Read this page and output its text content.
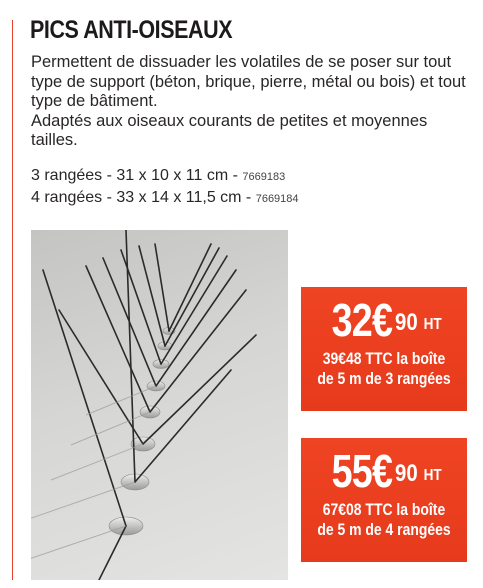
PICS ANTI-OISEAUX

Permettent de dissuader les volatiles de se poser sur tout type de support (béton, brique, pierre, métal ou bois) et tout type de bâtiment.

Adaptés aux oiseaux courants de petites et moyennes tailles.

3 rangées - 31 x 10 x 11 cm - 7669183
4 rangées - 33 x 14 x 11,5 cm - 7669184
32€ 90 HT
39€48 TTC la boîte
de 5 m de 3 rangées
55€ 90 HT
67€08 TTC la boîte
de 5 m de 4 rangées
